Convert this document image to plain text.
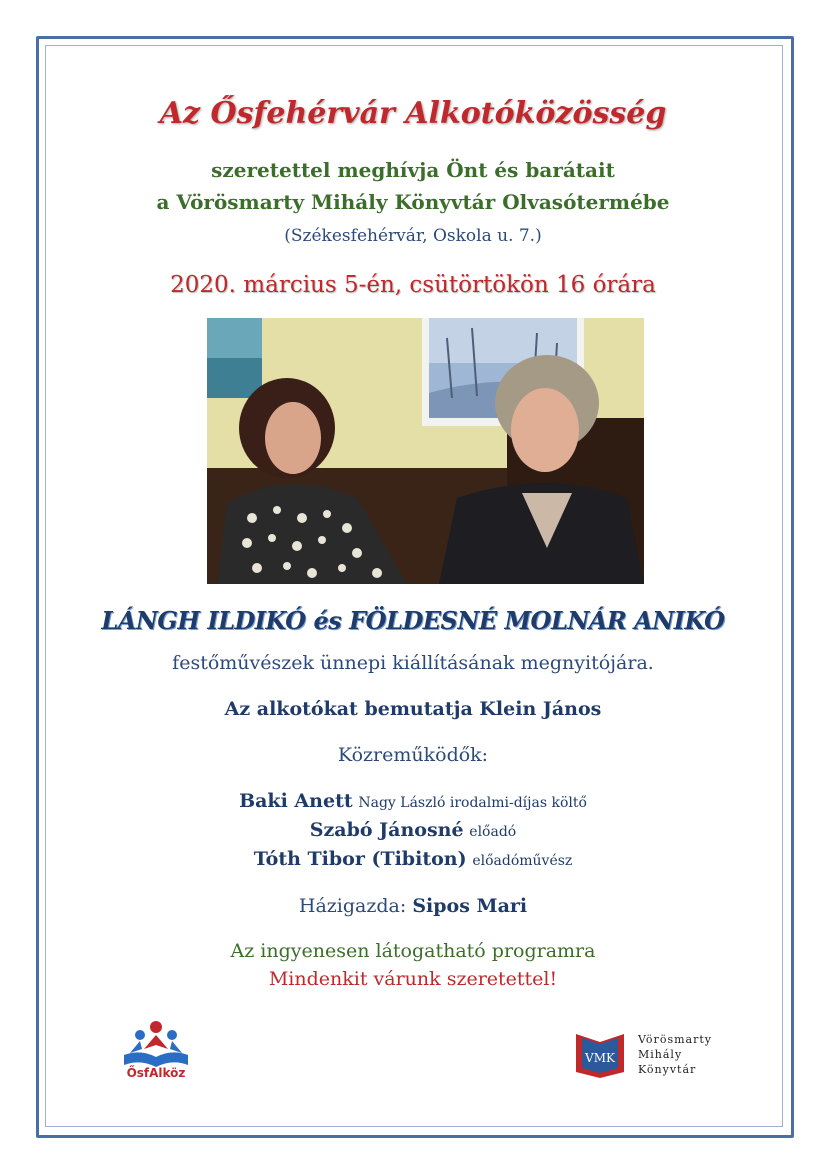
Az Ősfehérvár Alkotóközösség
szeretettel meghívja Önt és barátait
a Vörösmarty Mihály Könyvtár Olvasótermébe
(Székesfehérvár, Oskola u. 7.)
2020. március 5-én, csütörtökön 16 órára
LÁNGH ILDIKÓ és FÖLDESNÉ MOLNÁR ANIKÓ
festőművészek ünnepi kiállításának megnyitójára.
Az alkotókat bemutatja Klein János
Közreműködők:
Baki Anett Nagy László irodalmi-díjas költő
Szabó Jánosné előadó
Tóth Tibor (Tibiton) előadóművész
Házigazda: Sipos Mari
Az ingyenesen látogatható programra
Mindenkit várunk szeretettel!
ŐsfAlköz
VMK
Vörösmarty
Mihály
Könyvtár
